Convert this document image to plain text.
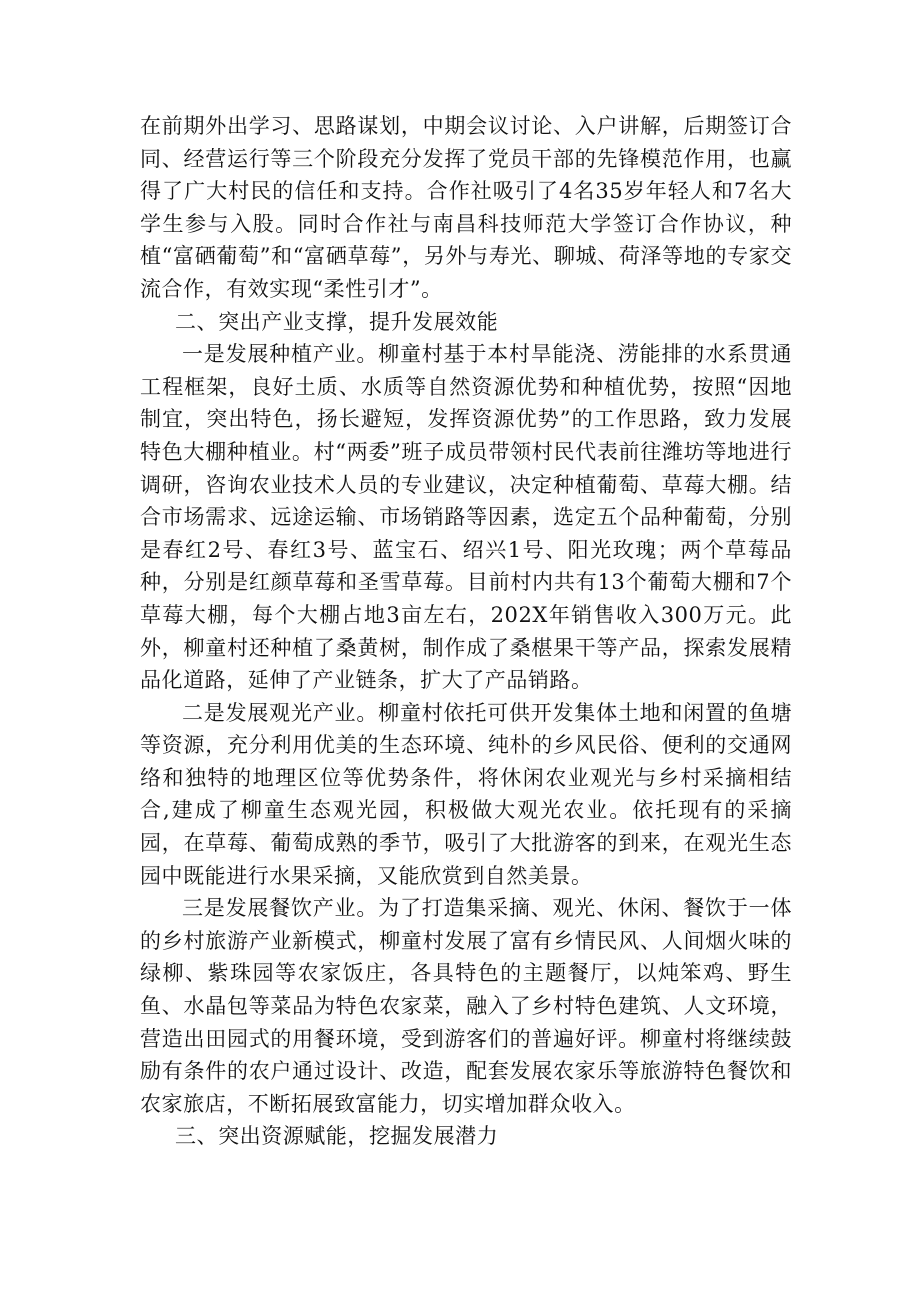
在前期外出学习、思路谋划，中期会议讨论、入户讲解，后期签订合同、经营运行等三个阶段充分发挥了党员干部的先锋模范作用，也赢得了广大村民的信任和支持。合作社吸引了4名35岁年轻人和7名大学生参与入股。同时合作社与南昌科技师范大学签订合作协议，种植“富硒葡萄”和“富硒草莓”，另外与寿光、聊城、荷泽等地的专家交流合作，有效实现“柔性引才”。

二、突出产业支撑，提升发展效能

一是发展种植产业。柳童村基于本村旱能浇、涝能排的水系贯通工程框架，良好土质、水质等自然资源优势和种植优势，按照“因地制宜，突出特色，扬长避短，发挥资源优势”的工作思路，致力发展特色大棚种植业。村“两委”班子成员带领村民代表前往潍坊等地进行调研，咨询农业技术人员的专业建议，决定种植葡萄、草莓大棚。结合市场需求、远途运输、市场销路等因素，选定五个品种葡萄，分别是春红2号、春红3号、蓝宝石、绍兴1号、阳光玫瑰；两个草莓品种，分别是红颜草莓和圣雪草莓。目前村内共有13个葡萄大棚和7个草莓大棚，每个大棚占地3亩左右，202X年销售收入300万元。此外，柳童村还种植了桑黄树，制作成了桑椹果干等产品，探索发展精品化道路，延伸了产业链条，扩大了产品销路。

二是发展观光产业。柳童村依托可供开发集体土地和闲置的鱼塘等资源，充分利用优美的生态环境、纯朴的乡风民俗、便利的交通网络和独特的地理区位等优势条件，将休闲农业观光与乡村采摘相结合,建成了柳童生态观光园，积极做大观光农业。依托现有的采摘园，在草莓、葡萄成熟的季节，吸引了大批游客的到来，在观光生态园中既能进行水果采摘，又能欣赏到自然美景。

三是发展餐饮产业。为了打造集采摘、观光、休闲、餐饮于一体的乡村旅游产业新模式，柳童村发展了富有乡情民风、人间烟火味的绿柳、紫珠园等农家饭庄，各具特色的主题餐厅，以炖笨鸡、野生鱼、水晶包等菜品为特色农家菜，融入了乡村特色建筑、人文环境，营造出田园式的用餐环境，受到游客们的普遍好评。柳童村将继续鼓励有条件的农户通过设计、改造，配套发展农家乐等旅游特色餐饮和农家旅店，不断拓展致富能力，切实增加群众收入。

三、突出资源赋能，挖掘发展潜力
